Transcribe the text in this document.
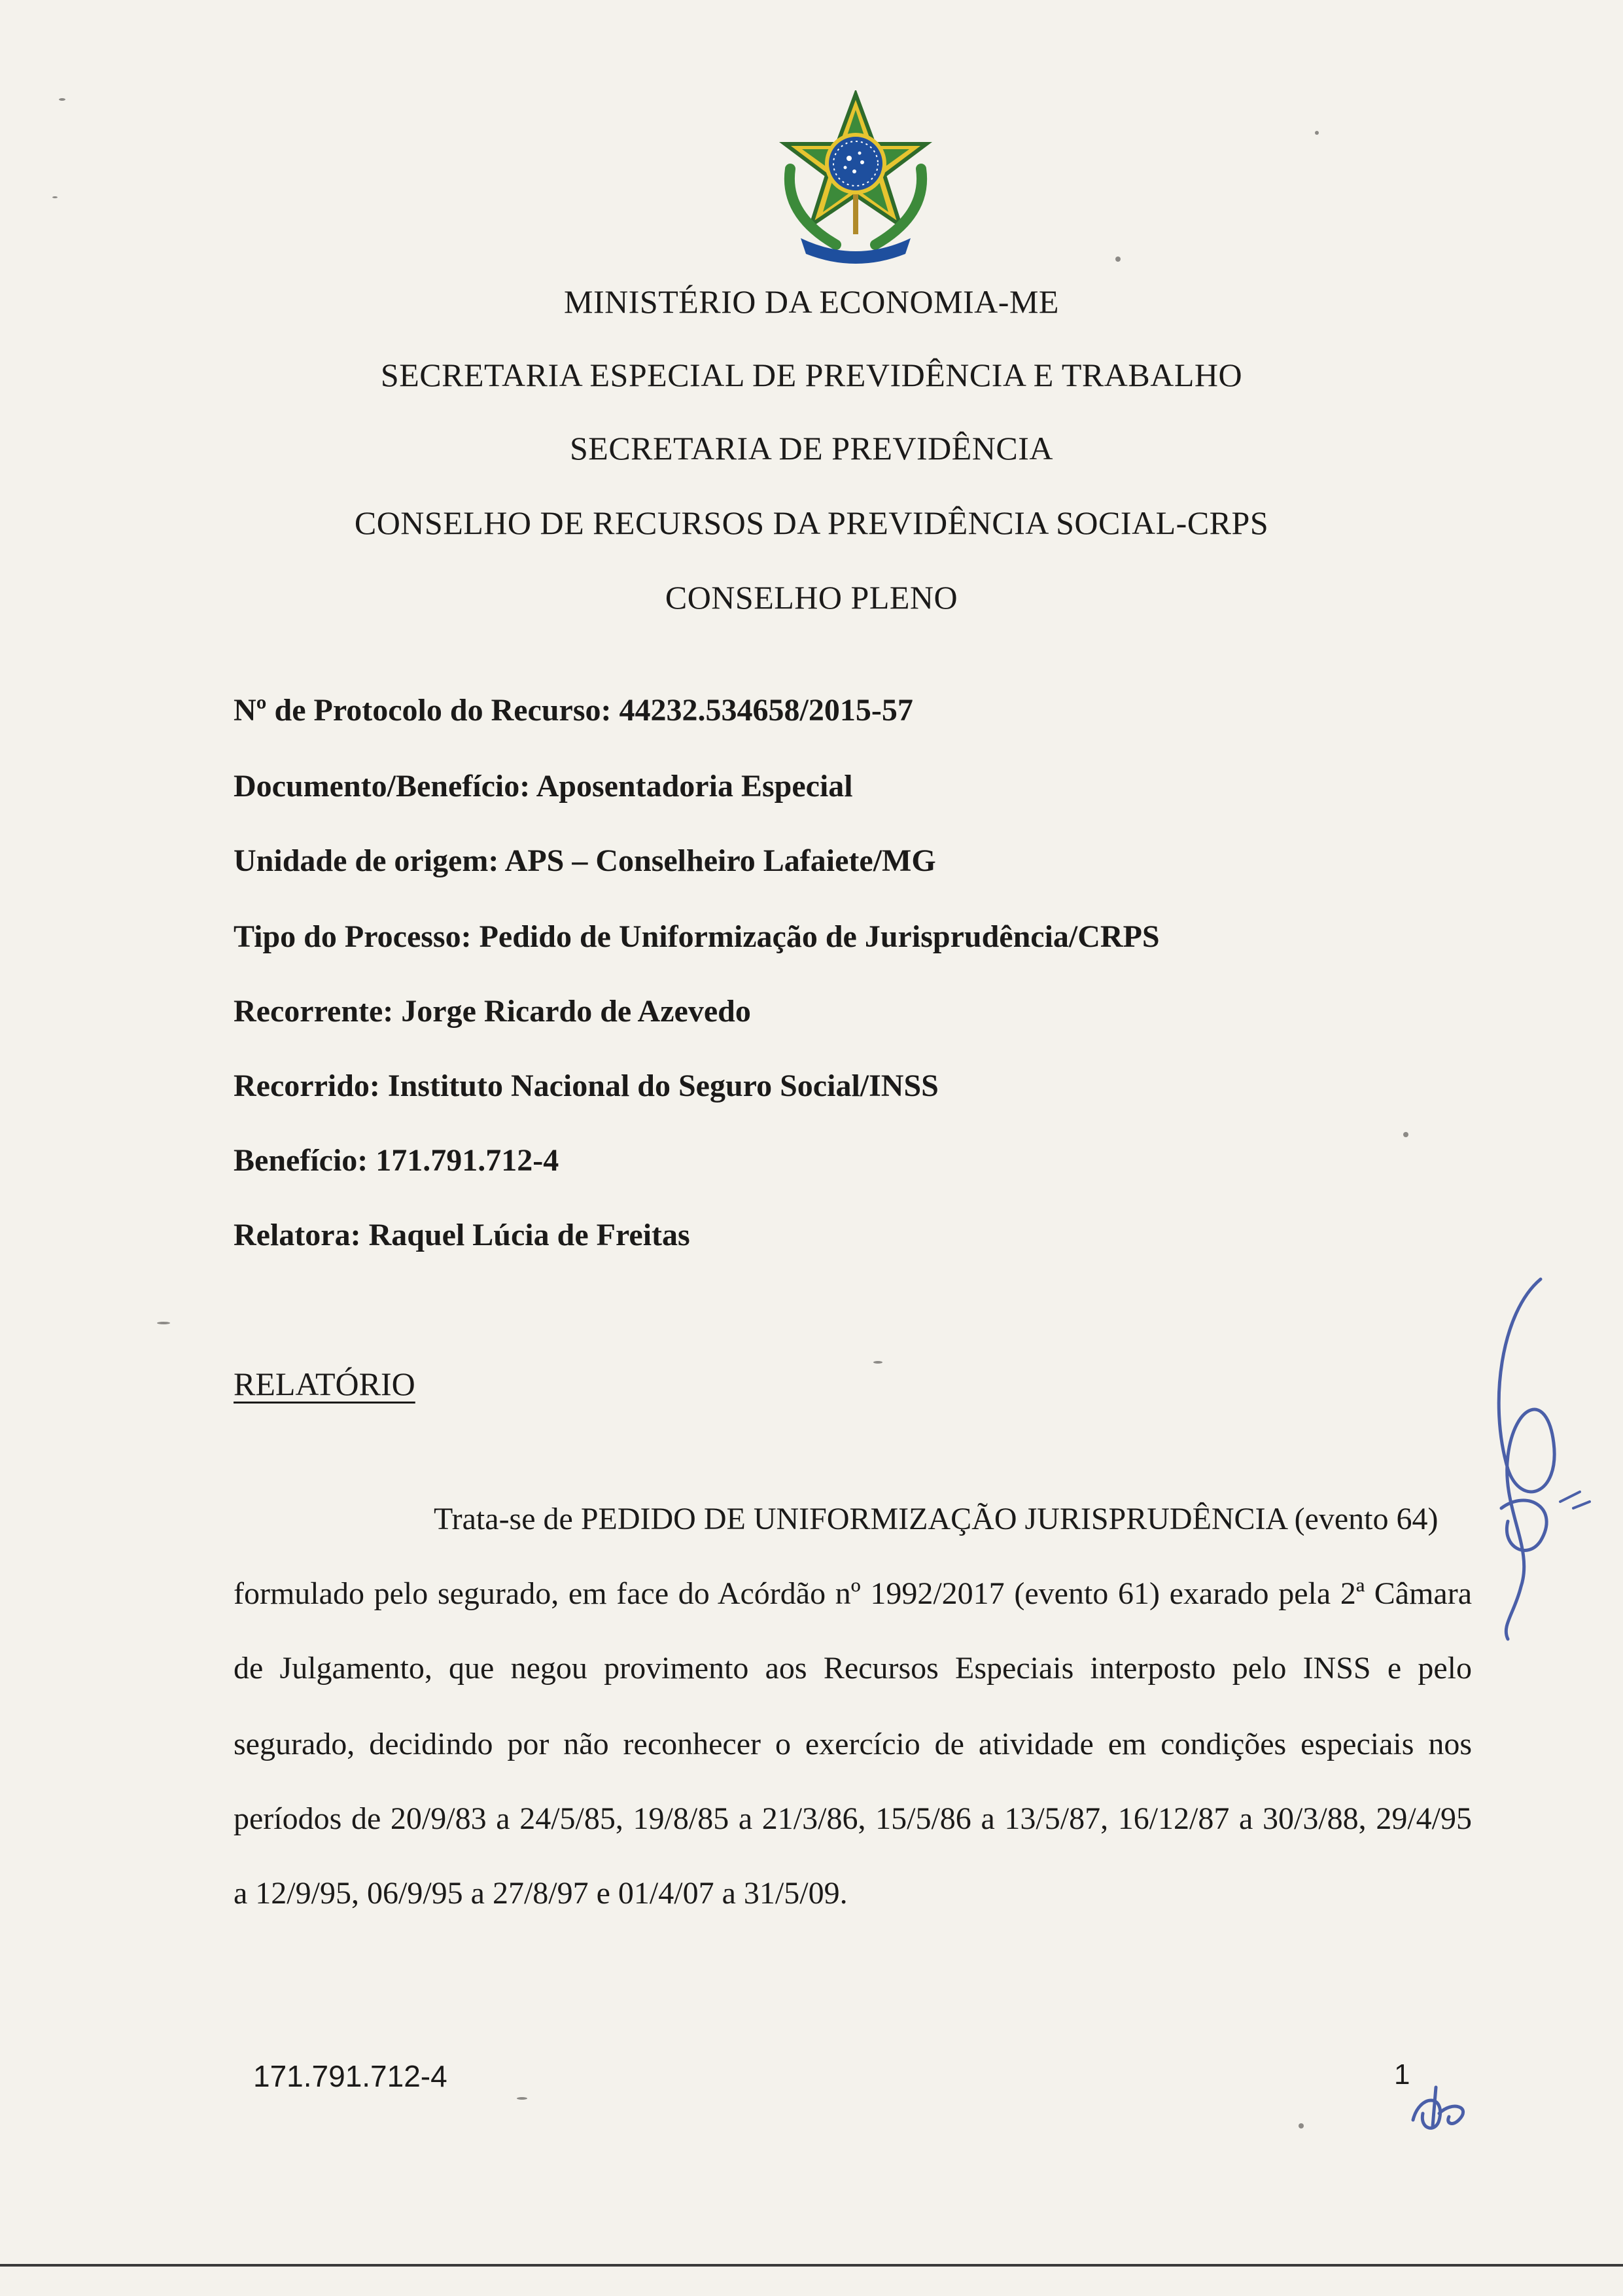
MINISTÉRIO DA ECONOMIA-ME
SECRETARIA ESPECIAL DE PREVIDÊNCIA E TRABALHO
SECRETARIA DE PREVIDÊNCIA
CONSELHO DE RECURSOS DA PREVIDÊNCIA SOCIAL-CRPS
CONSELHO PLENO
Nº de Protocolo do Recurso: 44232.534658/2015-57
Documento/Benefício: Aposentadoria Especial
Unidade de origem: APS – Conselheiro Lafaiete/MG
Tipo do Processo: Pedido de Uniformização de Jurisprudência/CRPS
Recorrente: Jorge Ricardo de Azevedo
Recorrido: Instituto Nacional do Seguro Social/INSS
Benefício: 171.791.712-4
Relatora: Raquel Lúcia de Freitas
RELATÓRIO
Trata-se de PEDIDO DE UNIFORMIZAÇÃO JURISPRUDÊNCIA (evento 64)
formulado pelo segurado, em face do Acórdão nº 1992/2017 (evento 61) exarado pela 2ª Câmara
de Julgamento, que negou provimento aos Recursos Especiais interposto pelo INSS e pelo
segurado, decidindo por não reconhecer o exercício de atividade em condições especiais nos
períodos de 20/9/83 a 24/5/85, 19/8/85 a 21/3/86, 15/5/86 a 13/5/87, 16/12/87 a 30/3/88, 29/4/95
a 12/9/95, 06/9/95 a 27/8/97 e 01/4/07 a 31/5/09.
171.791.712-4	1
